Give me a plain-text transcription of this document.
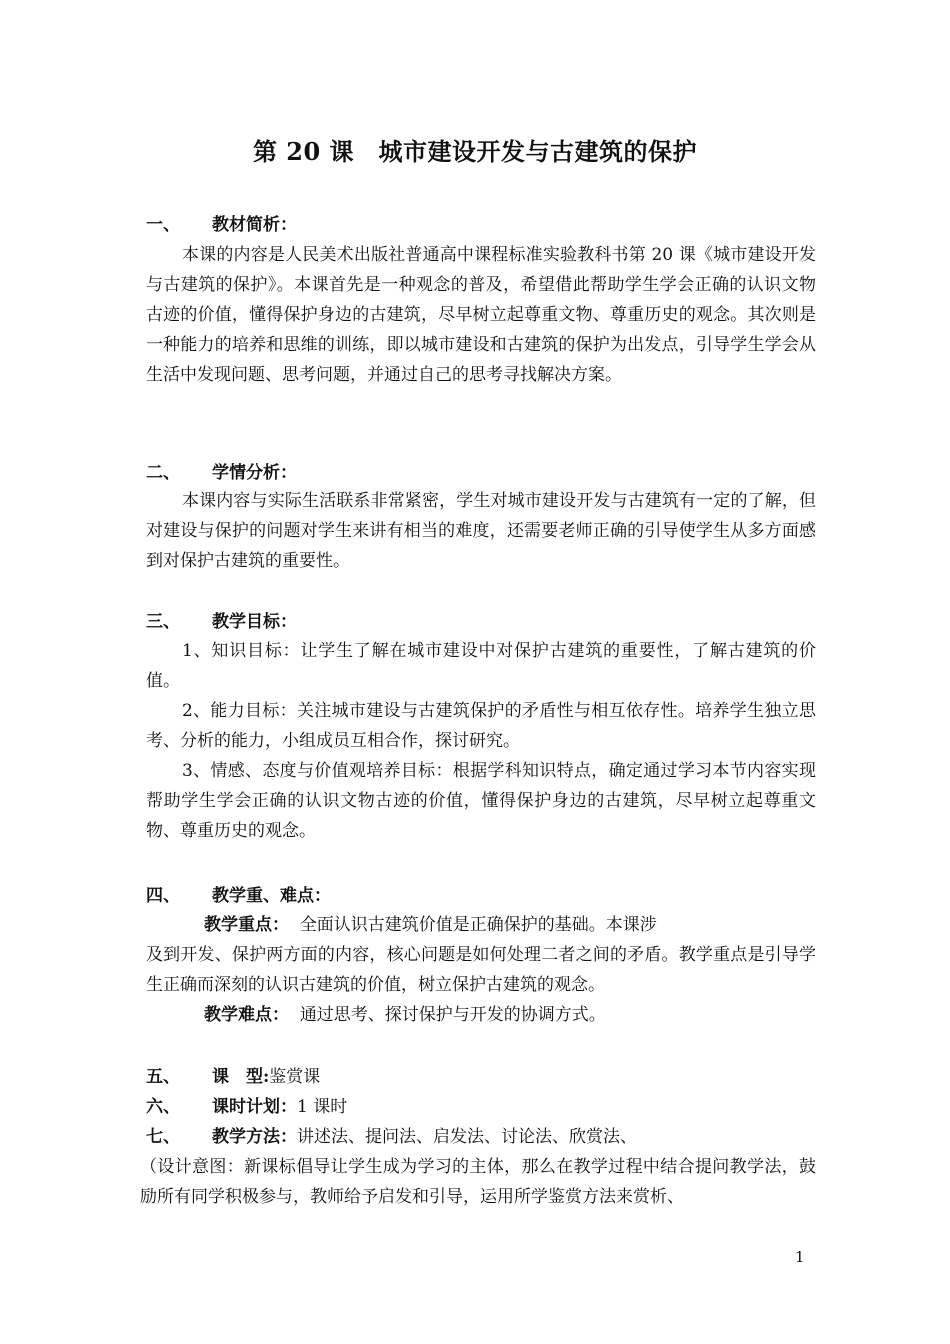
第 20 课　城市建设开发与古建筑的保护
一、 教材简析：

本课的内容是人民美术出版社普通高中课程标准实验教科书第 20 课《城市建设开发与古建筑的保护》。本课首先是一种观念的普及，希望借此帮助学生学会正确的认识文物古迹的价值，懂得保护身边的古建筑，尽早树立起尊重文物、尊重历史的观念。其次则是一种能力的培养和思维的训练，即以城市建设和古建筑的保护为出发点，引导学生学会从生活中发现问题、思考问题，并通过自己的思考寻找解决方案。

二、 学情分析：

本课内容与实际生活联系非常紧密，学生对城市建设开发与古建筑有一定的了解，但对建设与保护的问题对学生来讲有相当的难度，还需要老师正确的引导使学生从多方面感到对保护古建筑的重要性。

三、 教学目标：

1、知识目标：让学生了解在城市建设中对保护古建筑的重要性，了解古建筑的价值。

2、能力目标：关注城市建设与古建筑保护的矛盾性与相互依存性。培养学生独立思考、分析的能力，小组成员互相合作，探讨研究。

3、情感、态度与价值观培养目标：根据学科知识特点，确定通过学习本节内容实现帮助学生学会正确的认识文物古迹的价值，懂得保护身边的古建筑，尽早树立起尊重文物、尊重历史的观念。

四、 教学重、难点：

教学重点： 全面认识古建筑价值是正确保护的基础。本课涉

及到开发、保护两方面的内容，核心问题是如何处理二者之间的矛盾。教学重点是引导学生正确而深刻的认识古建筑的价值，树立保护古建筑的观念。

教学难点： 通过思考、探讨保护与开发的协调方式。

五、 课　型:鉴赏课
六、 课时计划：1 课时
七、 教学方法：讲述法、提问法、启发法、讨论法、欣赏法、

（设计意图：新课标倡导让学生成为学习的主体，那么在教学过程中结合提问教学法，鼓励所有同学积极参与，教师给予启发和引导，运用所学鉴赏方法来赏析、

1
